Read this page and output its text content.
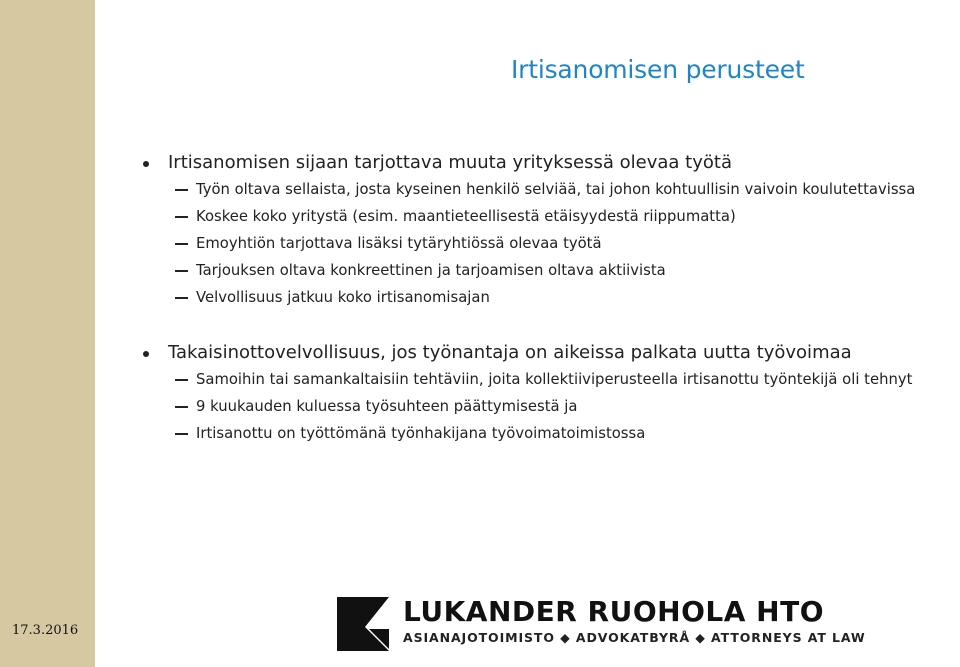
17.3.2016
Irtisanomisen perusteet
Irtisanomisen sijaan tarjottava muuta yrityksessä olevaa työtä
Työn oltava sellaista, josta kyseinen henkilö selviää, tai johon kohtuullisin vaivoin koulutettavissa
Koskee koko yritystä (esim. maantieteellisestä etäisyydestä riippumatta)
Emoyhtiön tarjottava lisäksi tytäryhtiössä olevaa työtä
Tarjouksen oltava konkreettinen ja tarjoamisen oltava aktiivista
Velvollisuus jatkuu koko irtisanomisajan
Takaisinottovelvollisuus, jos työnantaja on aikeissa palkata uutta työvoimaa
Samoihin tai samankaltaisiin tehtäviin, joita kollektiiviperusteella irtisanottu työntekijä oli tehnyt
9 kuukauden kuluessa työsuhteen päättymisestä ja
Irtisanottu on työttömänä työnhakijana työvoimatoimistossa
LUKANDER RUOHOLA HTO
ASIANAJOTOIMISTO ◆ ADVOKATBYRÅ ◆ ATTORNEYS AT LAW
